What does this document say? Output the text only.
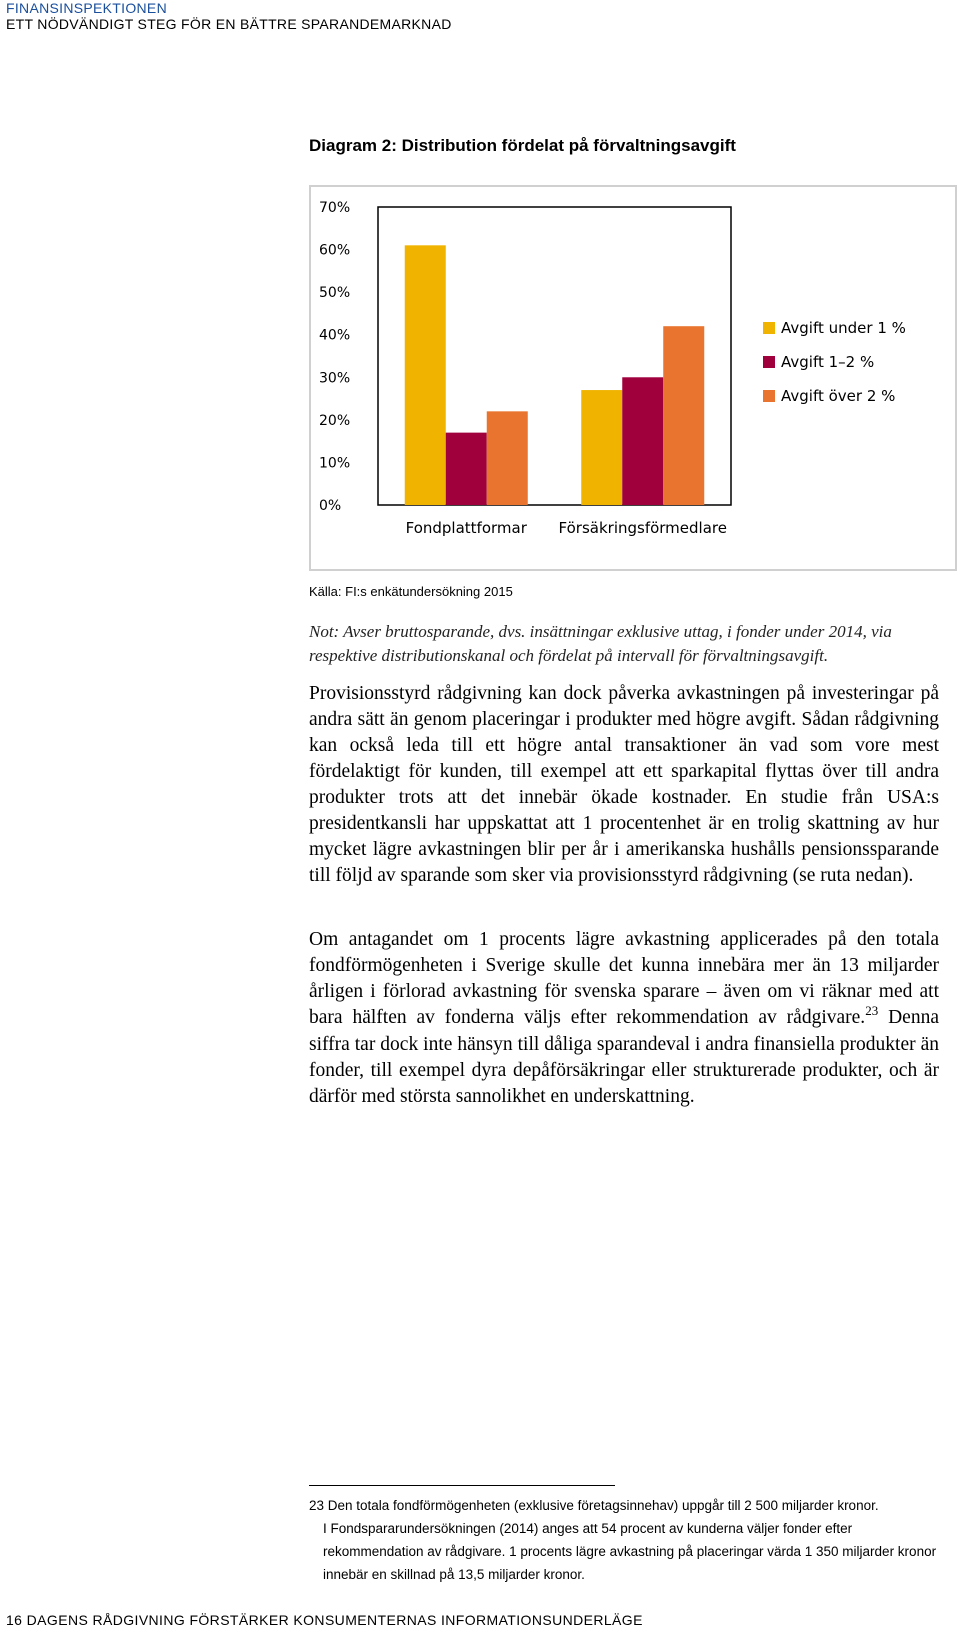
FINANSINSPEKTIONEN
ETT NÖDVÄNDIGT STEG FÖR EN BÄTTRE SPARANDEMARKNAD
Diagram 2: Distribution fördelat på förvaltningsavgift
0%
10%
20%
30%
40%
50%
60%
70%
Fondplattformar Försäkringsförmedlare
Avgift under 1 %
Avgift 1–2 %
Avgift över 2 %
Källa: FI:s enkätundersökning 2015
Not: Avser bruttosparande, dvs. insättningar exklusive uttag, i fonder under 2014, via respektive distributionskanal och fördelat på intervall för förvaltningsavgift.

Provisionsstyrd rådgivning kan dock påverka avkastningen på investeringar på andra sätt än genom placeringar i produkter med högre avgift. Sådan rådgivning kan också leda till ett högre antal transaktioner än vad som vore mest fördelaktigt för kunden, till exempel att ett sparkapital flyttas över till andra produkter trots att det innebär ökade kostnader. En studie från USA:s presidentkansli har uppskattat att 1 procentenhet är en trolig skattning av hur mycket lägre avkastningen blir per år i amerikanska hushålls pensionssparande till följd av sparande som sker via provisionsstyrd rådgivning (se ruta nedan).

Om antagandet om 1 procents lägre avkastning applicerades på den totala fondförmögenheten i Sverige skulle det kunna innebära mer än 13 miljarder årligen i förlorad avkastning för svenska sparare – även om vi räknar med att bara hälften av fonderna väljs efter rekommendation av rådgivare.$^{23}$ Denna siffra tar dock inte hänsyn till dåliga sparandeval i andra finansiella produkter än fonder, till exempel dyra depåförsäkringar eller strukturerade produkter, och är därför med största sannolikhet en underskattning.

23 Den totala fondförmögenheten (exklusive företagsinnehav) uppgår till 2 500 miljarder kronor.
I Fondspararundersökningen (2014) anges att 54 procent av kunderna väljer fonder efter rekommendation av rådgivare. 1 procents lägre avkastning på placeringar värda 1 350 miljarder kronor innebär en skillnad på 13,5 miljarder kronor.
16 DAGENS RÅDGIVNING FÖRSTÄRKER KONSUMENTERNAS INFORMATIONSUNDERLÄGE
